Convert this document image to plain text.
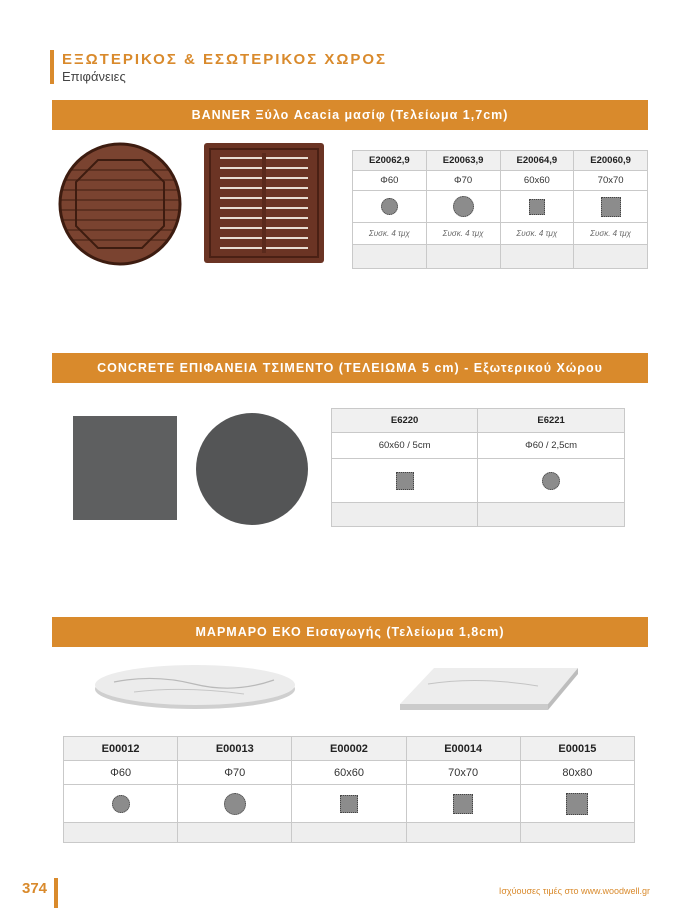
ΕΞΩΤΕΡΙΚΟΣ & ΕΣΩΤΕΡΙΚΟΣ ΧΩΡΟΣ
Επιφάνειες
BANNER Ξύλο Acacia μασίφ (Τελείωμα 1,7cm)
E20062,9	E20063,9	E20064,9	E20060,9
Φ60	Φ70	60x60	70x70

Συσκ. 4 τμχ	Συσκ. 4 τμχ	Συσκ. 4 τμχ	Συσκ. 4 τμχ

CONCRETE ΕΠΙΦΑΝΕΙΑ ΤΣΙΜΕΝΤΟ (ΤΕΛΕΙΩΜΑ 5 cm) - Εξωτερικού Χώρου
E6220	E6221
60x60 / 5cm	Φ60 / 2,5cm

ΜΑΡΜΑΡΟ ΕΚΟ Εισαγωγής (Τελείωμα 1,8cm)
E00012	E00013	E00002	E00014	E00015
Φ60	Φ70	60x60	70x70	80x80

374	Ισχύουσες τιμές στο www.woodwell.gr
